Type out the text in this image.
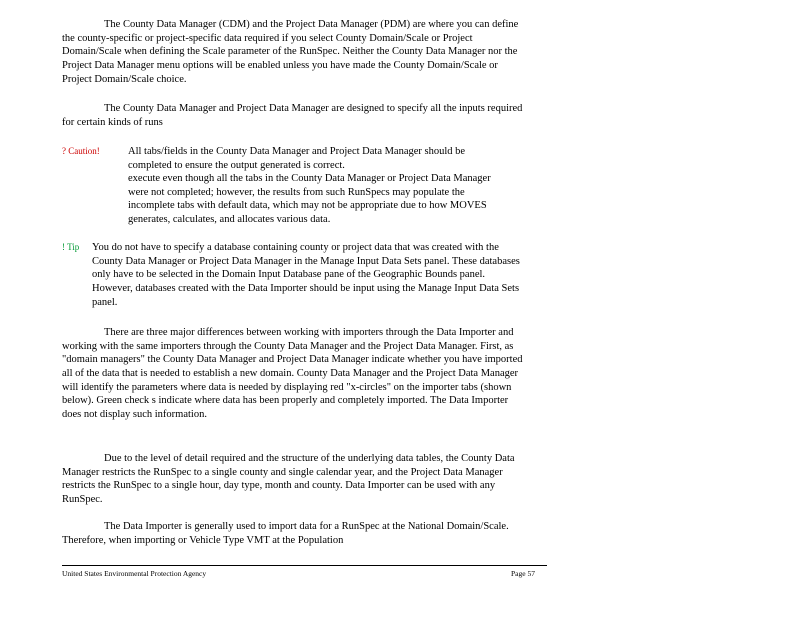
The County Data Manager (CDM) and the Project Data Manager (PDM) are where you can define the county-specific or project-specific data required if you select County Domain/Scale or Project Domain/Scale when defining the Scale parameter of the RunSpec. Neither the County Data Manager nor the Project Data Manager menu options will be enabled unless you have made the County Domain/Scale or Project Domain/Scale choice.

The County Data Manager and Project Data Manager are designed to specify all the inputs required for certain kinds of runs

? Caution!	All tabs/fields in the County Data Manager and Project Data Manager should be completed to ensure the output generated is correct.
execute even though all the tabs in the County Data Manager or Project Data Manager were not completed; however, the results from such RunSpecs may populate the incomplete tabs with default data, which may not be appropriate due to how MOVES generates, calculates, and allocates various data.
! Tip You do not have to specify a database containing county or project data that was created with the County Data Manager or Project Data Manager in the Manage Input Data Sets panel. These databases only have to be selected in the Domain Input Database pane of the Geographic Bounds panel. However, databases created with the Data Importer should be input using the Manage Input Data Sets panel.

There are three major differences between working with importers through the Data Importer and working with the same importers through the County Data Manager and the Project Data Manager. First, as "domain managers" the County Data Manager and Project Data Manager indicate whether you have imported all of the data that is needed to establish a new domain. County Data Manager and the Project Data Manager will identify the parameters where data is needed by displaying red "x-circles" on the importer tabs (shown below). Green check s indicate where data has been properly and completely imported. The Data Importer does not display such information.

Due to the level of detail required and the structure of the underlying data tables, the County Data Manager restricts the RunSpec to a single county and single calendar year, and the Project Data Manager restricts the RunSpec to a single hour, day type, month and county. Data Importer can be used with any RunSpec.

The Data Importer is generally used to import data for a RunSpec at the National Domain/Scale. Therefore, when importing or Vehicle Type VMT at the Population

United States Environmental Protection Agency	Page 57
